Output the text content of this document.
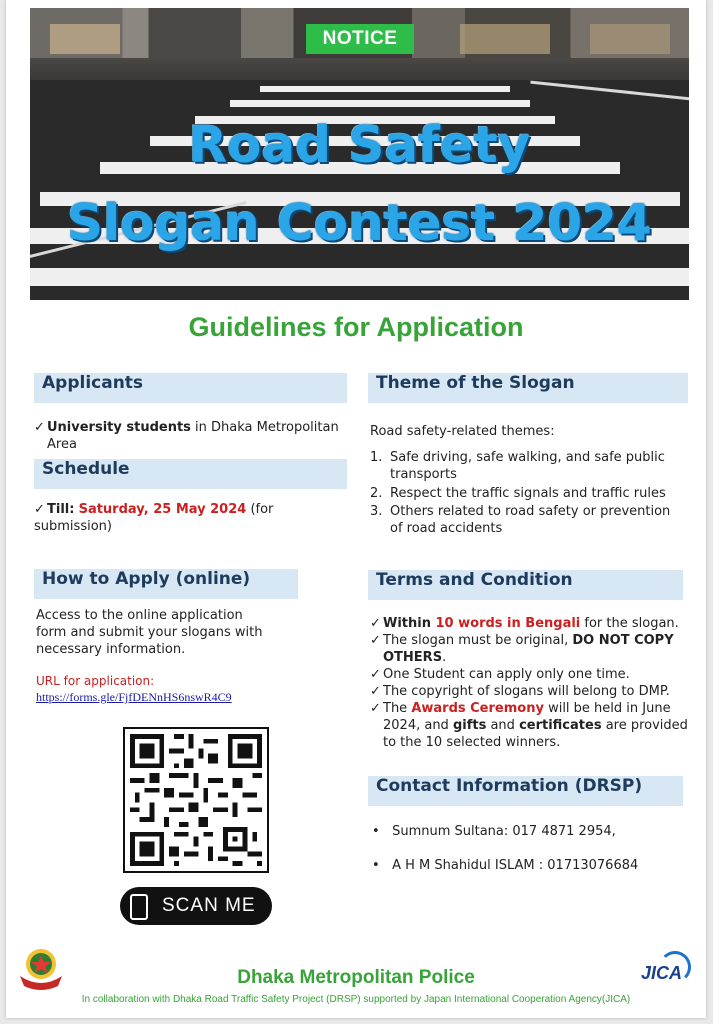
NOTICE
Road Safety
Slogan Contest 2024
Guidelines for Application
Applicants
✓ University students in Dhaka Metropolitan
Area
Schedule
✓ Till: Saturday, 25 May 2024 (for submission)
How to Apply (online)
Access to the online application
form and submit your slogans with
necessary information.
URL for application:
https://forms.gle/FjfDENnHS6nswR4C9
SCAN ME
Theme of the Slogan
Road safety-related themes:
1. Safe driving, safe walking, and safe public
transports
2. Respect the traffic signals and traffic rules
3. Others related to road safety or prevention
of road accidents
Terms and Condition
✓ Within 10 words in Bengali for the slogan.
✓ The slogan must be original, DO NOT COPY
OTHERS.
✓ One Student can apply only one time.
✓ The copyright of slogans will belong to DMP.
✓ The Awards Ceremony will be held in June
2024, and gifts and certificates are provided
to the 10 selected winners.
Contact Information (DRSP)
•   Sumnum Sultana: 017 4871 2954,
•   A H M Shahidul ISLAM : 01713076684
Dhaka Metropolitan Police
In collaboration with Dhaka Road Traffic Safety Project (DRSP) supported by Japan International Cooperation Agency(JICA)
JICA
